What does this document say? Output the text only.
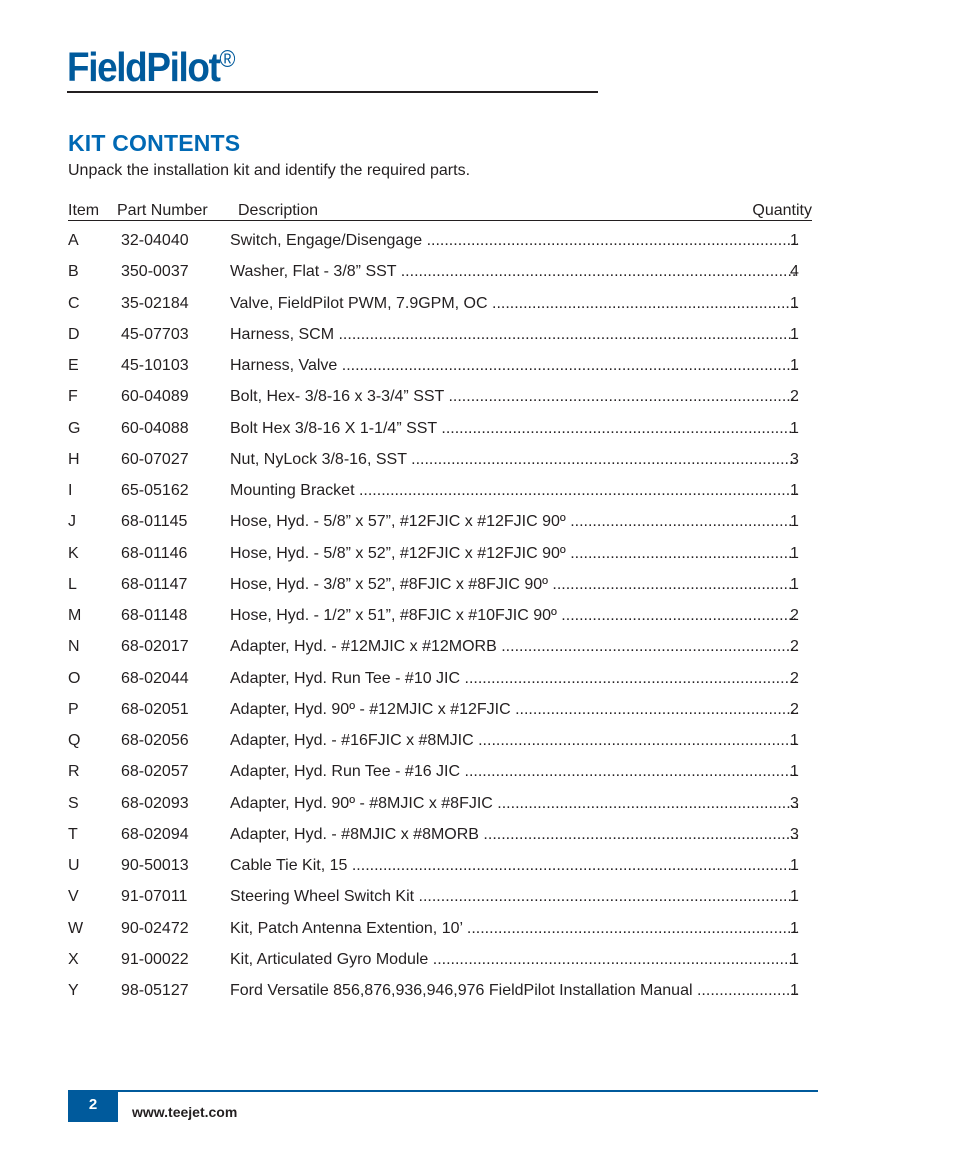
FieldPilot®
KIT CONTENTS
Unpack the installation kit and identify the required parts.
Item Part Number Description	Quantity
A	32-04040	Switch, Engage/Disengage .....	1
B	350-0037	Washer, Flat - 3/8” SST .....	4
C	35-02184	Valve, FieldPilot PWM, 7.9GPM, OC .....	1
D	45-07703	Harness, SCM .....	1
E	45-10103	Harness, Valve .....	1
F	60-04089	Bolt, Hex- 3/8-16 x 3-3/4” SST .....	2
G	60-04088	Bolt Hex 3/8-16 X 1-1/4” SST .....	1
H	60-07027	Nut, NyLock 3/8-16, SST .....	3
I	65-05162	Mounting Bracket .....	1
J	68-01145	Hose, Hyd. - 5/8” x 57”, #12FJIC x #12FJIC 90º .....	1
K	68-01146	Hose, Hyd. - 5/8” x 52”, #12FJIC x #12FJIC 90º .....	1
L	68-01147	Hose, Hyd. - 3/8” x 52”, #8FJIC x #8FJIC 90º .....	1
M 68-01148	Hose, Hyd. - 1/2” x 51”, #8FJIC x #10FJIC 90º .....	2
N	68-02017	Adapter, Hyd. - #12MJIC x #12MORB .....	2
O	68-02044	Adapter, Hyd. Run Tee - #10 JIC .....	2
P	68-02051	Adapter, Hyd. 90º - #12MJIC x #12FJIC .....	2
Q	68-02056	Adapter, Hyd. - #16FJIC x #8MJIC .....	1
R	68-02057	Adapter, Hyd. Run Tee - #16 JIC .....	1
S	68-02093	Adapter, Hyd. 90º - #8MJIC x #8FJIC .....	3
T	68-02094	Adapter, Hyd. - #8MJIC x #8MORB .....	3
U	90-50013	Cable Tie Kit, 15 .....	1
V	91-07011	Steering Wheel Switch Kit .....	1
W 90-02472	Kit, Patch Antenna Extention, 10’ .....	1
X	91-00022	Kit, Articulated Gyro Module .....	1
Y	98-05127	Ford Versatile 856,876,936,946,976 FieldPilot Installation Manual .....	1
2	www.teejet.com
